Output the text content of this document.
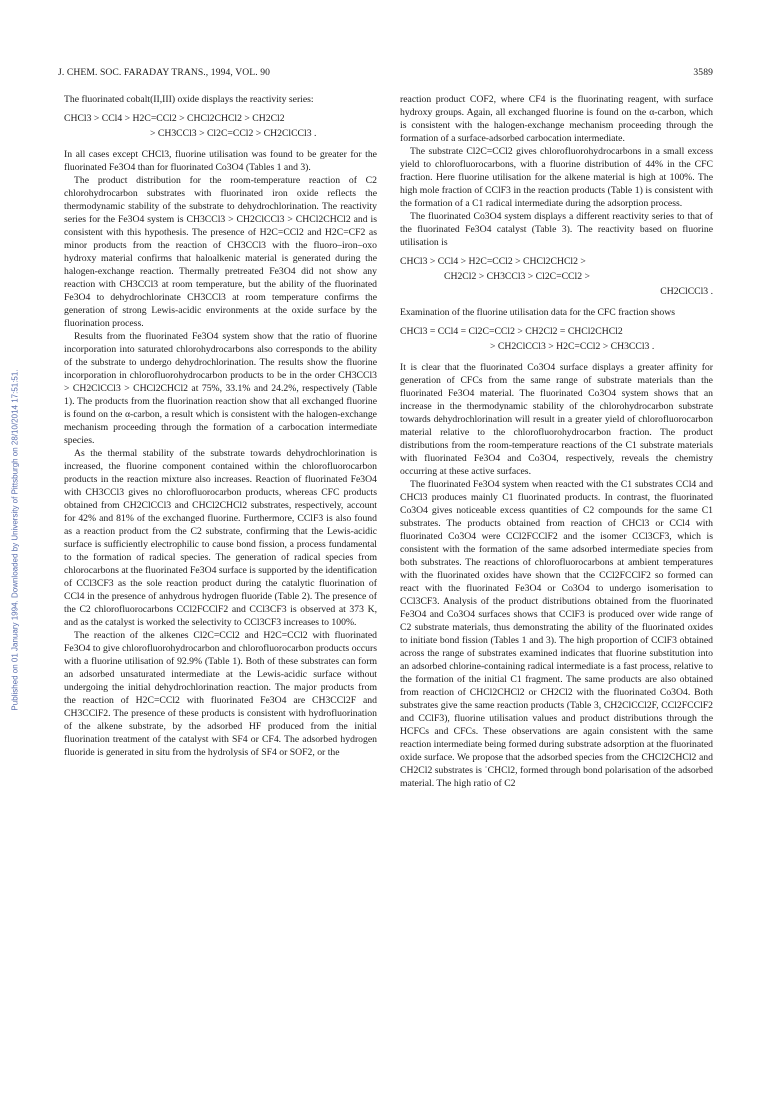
J. CHEM. SOC. FARADAY TRANS., 1994, VOL. 90	3589
Published on 01 January 1994. Downloaded by University of Pittsburgh on 28/10/2014 17:51:51.

The fluorinated cobalt(II,III) oxide displays the reactivity series:

CHCl3 > CCl4 > H2C=CCl2 > CHCl2CHCl2 > CH2Cl2
> CH3CCl3 > Cl2C=CCl2 > CH2ClCCl3 .

In all cases except CHCl3, fluorine utilisation was found to be greater for the fluorinated Fe3O4 than for fluorinated Co3O4 (Tables 1 and 3).

The product distribution for the room-temperature reaction of C2 chlorohydrocarbon substrates with fluorinated iron oxide reflects the thermodynamic stability of the substrate to dehydrochlorination. The reactivity series for the Fe3O4 system is CH3CCl3 > CH2ClCCl3 > CHCl2CHCl2 and is consistent with this hypothesis. The presence of H2C=CCl2 and H2C=CF2 as minor products from the reaction of CH3CCl3 with the fluoro–iron–oxo hydroxy material confirms that haloalkenic material is generated during the halogen-exchange reaction. Thermally pretreated Fe3O4 did not show any reaction with CH3CCl3 at room temperature, but the ability of the fluorinated Fe3O4 to dehydrochlorinate CH3CCl3 at room temperature confirms the generation of strong Lewis-acidic environments at the oxide surface by the fluorination process.

Results from the fluorinated Fe3O4 system show that the ratio of fluorine incorporation into saturated chlorohydrocarbons also corresponds to the ability of the substrate to undergo dehydrochlorination. The results show the fluorine incorporation in chlorofluorohydrocarbon products to be in the order CH3CCl3 > CH2ClCCl3 > CHCl2CHCl2 at 75%, 33.1% and 24.2%, respectively (Table 1). The products from the fluorination reaction show that all exchanged fluorine is found on the α-carbon, a result which is consistent with the halogen-exchange mechanism proceeding through the formation of a carbocation intermediate species.

As the thermal stability of the substrate towards dehydrochlorination is increased, the fluorine component contained within the chlorofluorocarbon products in the reaction mixture also increases. Reaction of fluorinated Fe3O4 with CH3CCl3 gives no chlorofluorocarbon products, whereas CFC products obtained from CH2ClCCl3 and CHCl2CHCl2 substrates, respectively, account for 42% and 81% of the exchanged fluorine. Furthermore, CClF3 is also found as a reaction product from the C2 substrate, confirming that the Lewis-acidic surface is sufficiently electrophilic to cause bond fission, a process fundamental to the formation of radical species. The generation of radical species from chlorocarbons at the fluorinated Fe3O4 surface is supported by the identification of CCl3CF3 as the sole reaction product during the catalytic fluorination of CCl4 in the presence of anhydrous hydrogen fluoride (Table 2). The presence of the C2 chlorofluorocarbons CCl2FCClF2 and CCl3CF3 is observed at 373 K, and as the catalyst is worked the selectivity to CCl3CF3 increases to 100%.

The reaction of the alkenes Cl2C=CCl2 and H2C=CCl2 with fluorinated Fe3O4 to give chlorofluorohydrocarbon and chlorofluorocarbon products occurs with a fluorine utilisation of 92.9% (Table 1). Both of these substrates can form an adsorbed unsaturated intermediate at the Lewis-acidic surface without undergoing the initial dehydrochlorination reaction. The major products from the reaction of H2C=CCl2 with fluorinated Fe3O4 are CH3CCl2F and CH3CClF2. The presence of these products is consistent with hydrofluorination of the alkene substrate, by the adsorbed HF produced from the initial fluorination treatment of the catalyst with SF4 or CF4. The adsorbed hydrogen fluoride is generated in situ from the hydrolysis of SF4 or SOF2, or the

reaction product COF2, where CF4 is the fluorinating reagent, with surface hydroxy groups. Again, all exchanged fluorine is found on the α-carbon, which is consistent with the halogen-exchange mechanism proceeding through the formation of a surface-adsorbed carbocation intermediate.

The substrate Cl2C=CCl2 gives chlorofluorohydrocarbons in a small excess yield to chlorofluorocarbons, with a fluorine distribution of 44% in the CFC fraction. Here fluorine utilisation for the alkene material is high at 100%. The high mole fraction of CClF3 in the reaction products (Table 1) is consistent with the formation of a C1 radical intermediate during the adsorption process.

The fluorinated Co3O4 system displays a different reactivity series to that of the fluorinated Fe3O4 catalyst (Table 3). The reactivity based on fluorine utilisation is

CHCl3 > CCl4 > H2C=CCl2 > CHCl2CHCl2 >
CH2Cl2 > CH3CCl3 > Cl2C=CCl2 >
CH2ClCCl3 .

Examination of the fluorine utilisation data for the CFC fraction shows

CHCl3 = CCl4 = Cl2C=CCl2 > CH2Cl2 = CHCl2CHCl2
> CH2ClCCl3 > H2C=CCl2 > CH3CCl3 .

It is clear that the fluorinated Co3O4 surface displays a greater affinity for generation of CFCs from the same range of substrate materials than the fluorinated Fe3O4 material. The fluorinated Co3O4 system shows that an increase in the thermodynamic stability of the chlorohydrocarbon substrate towards dehydrochlorination will result in a greater yield of chlorofluorocarbon material relative to the chlorofluorohydrocarbon fraction. The product distributions from the room-temperature reactions of the C1 substrate materials with fluorinated Fe3O4 and Co3O4, respectively, reveals the chemistry occurring at these active surfaces.

The fluorinated Fe3O4 system when reacted with the C1 substrates CCl4 and CHCl3 produces mainly C1 fluorinated products. In contrast, the fluorinated Co3O4 gives noticeable excess quantities of C2 compounds for the same C1 substrates. The products obtained from reaction of CHCl3 or CCl4 with fluorinated Co3O4 were CCl2FCClF2 and the isomer CCl3CF3, which is consistent with the formation of the same adsorbed intermediate species from both substrates. The reactions of chlorofluorocarbons at ambient temperatures with the fluorinated oxides have shown that the CCl2FCClF2 so formed can react with the fluorinated Fe3O4 or Co3O4 to undergo isomerisation to CCl3CF3. Analysis of the product distributions obtained from the fluorinated Fe3O4 and Co3O4 surfaces shows that CClF3 is produced over wide range of C2 substrate materials, thus demonstrating the ability of the fluorinated oxides to initiate bond fission (Tables 1 and 3). The high proportion of CClF3 obtained across the range of substrates examined indicates that fluorine substitution into an adsorbed chlorine-containing radical intermediate is a fast process, relative to the formation of the initial C1 fragment. The same products are also obtained from reaction of CHCl2CHCl2 or CH2Cl2 with the fluorinated Co3O4. Both substrates give the same reaction products (Table 3, CH2ClCCl2F, CCl2FCClF2 and CClF3), fluorine utilisation values and product distributions through the HCFCs and CFCs. These observations are again consistent with the same reaction intermediate being formed during substrate adsorption at the fluorinated oxide surface. We propose that the adsorbed species from the CHCl2CHCl2 and CH2Cl2 substrates is ˙CHCl2, formed through bond polarisation of the adsorbed material. The high ratio of C2
